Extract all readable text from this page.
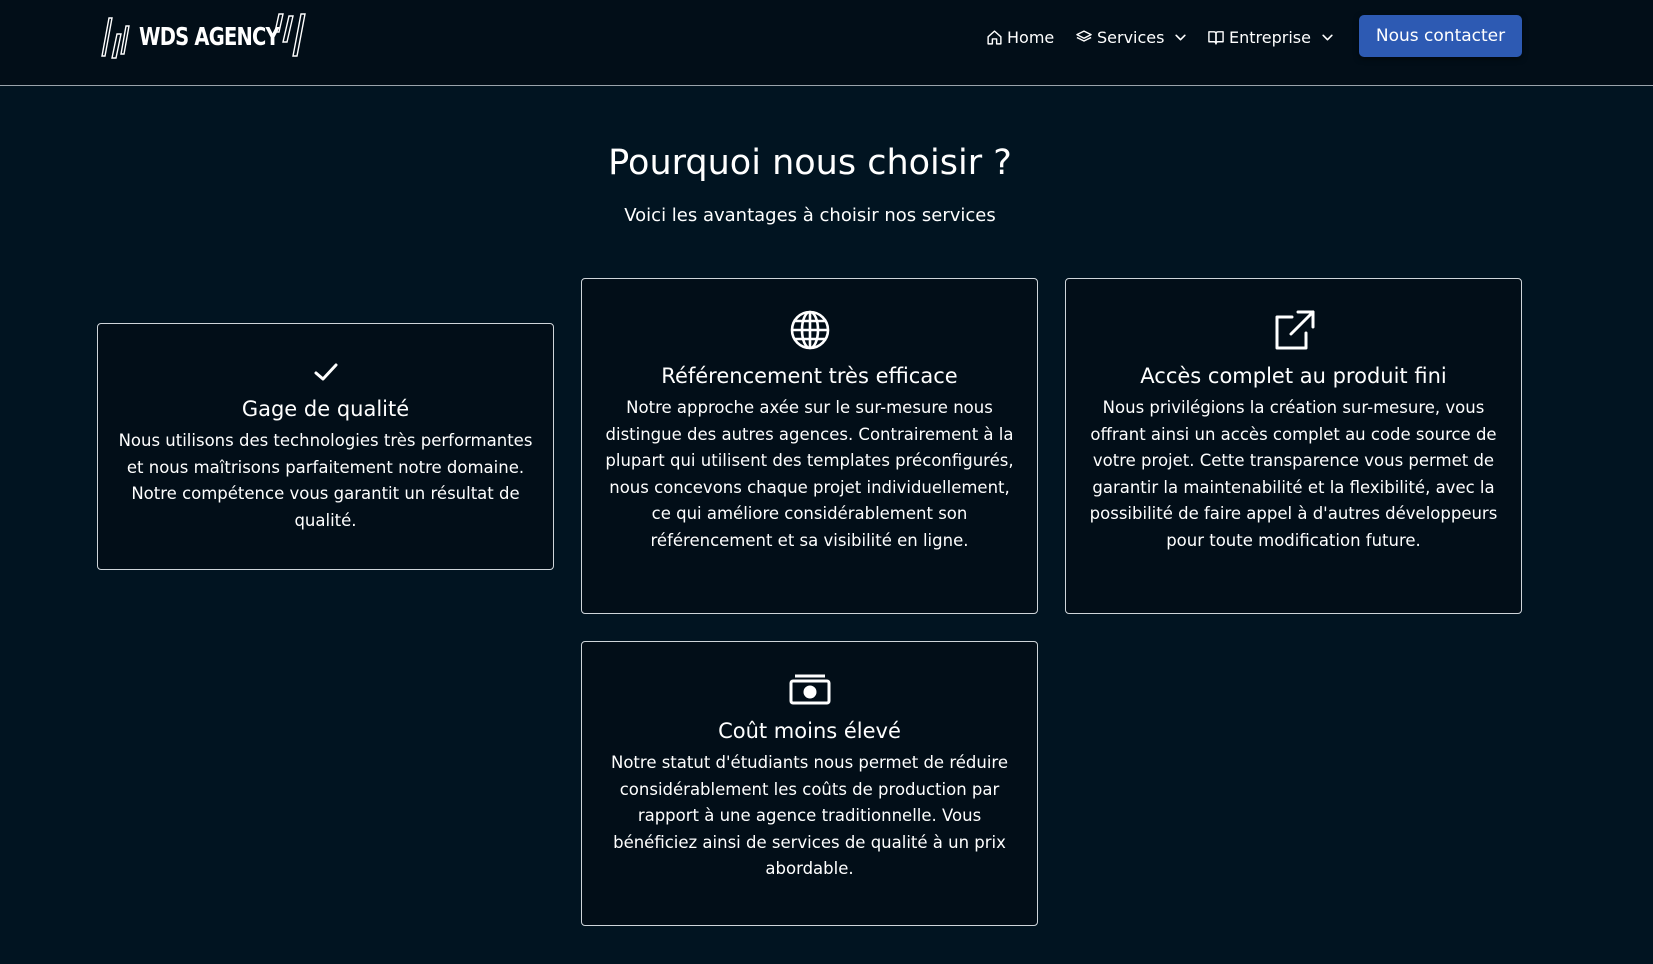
WDS AGENCY	Home	Services	Entreprise	Nous contacter
Pourquoi nous choisir ?
Voici les avantages à choisir nos services
Gage de qualité

Nous utilisons des technologies très performantes et nous maîtrisons parfaitement notre domaine. Notre compétence vous garantit un résultat de qualité.

Référencement très efficace

Notre approche axée sur le sur-mesure nous distingue des autres agences. Contrairement à la plupart qui utilisent des templates préconfigurés, nous concevons chaque projet individuellement, ce qui améliore considérablement son référencement et sa visibilité en ligne.

Accès complet au produit fini

Nous privilégions la création sur-mesure, vous offrant ainsi un accès complet au code source de votre projet. Cette transparence vous permet de garantir la maintenabilité et la flexibilité, avec la possibilité de faire appel à d'autres développeurs pour toute modification future.

Coût moins élevé

Notre statut d'étudiants nous permet de réduire considérablement les coûts de production par rapport à une agence traditionnelle. Vous bénéficiez ainsi de services de qualité à un prix abordable.
